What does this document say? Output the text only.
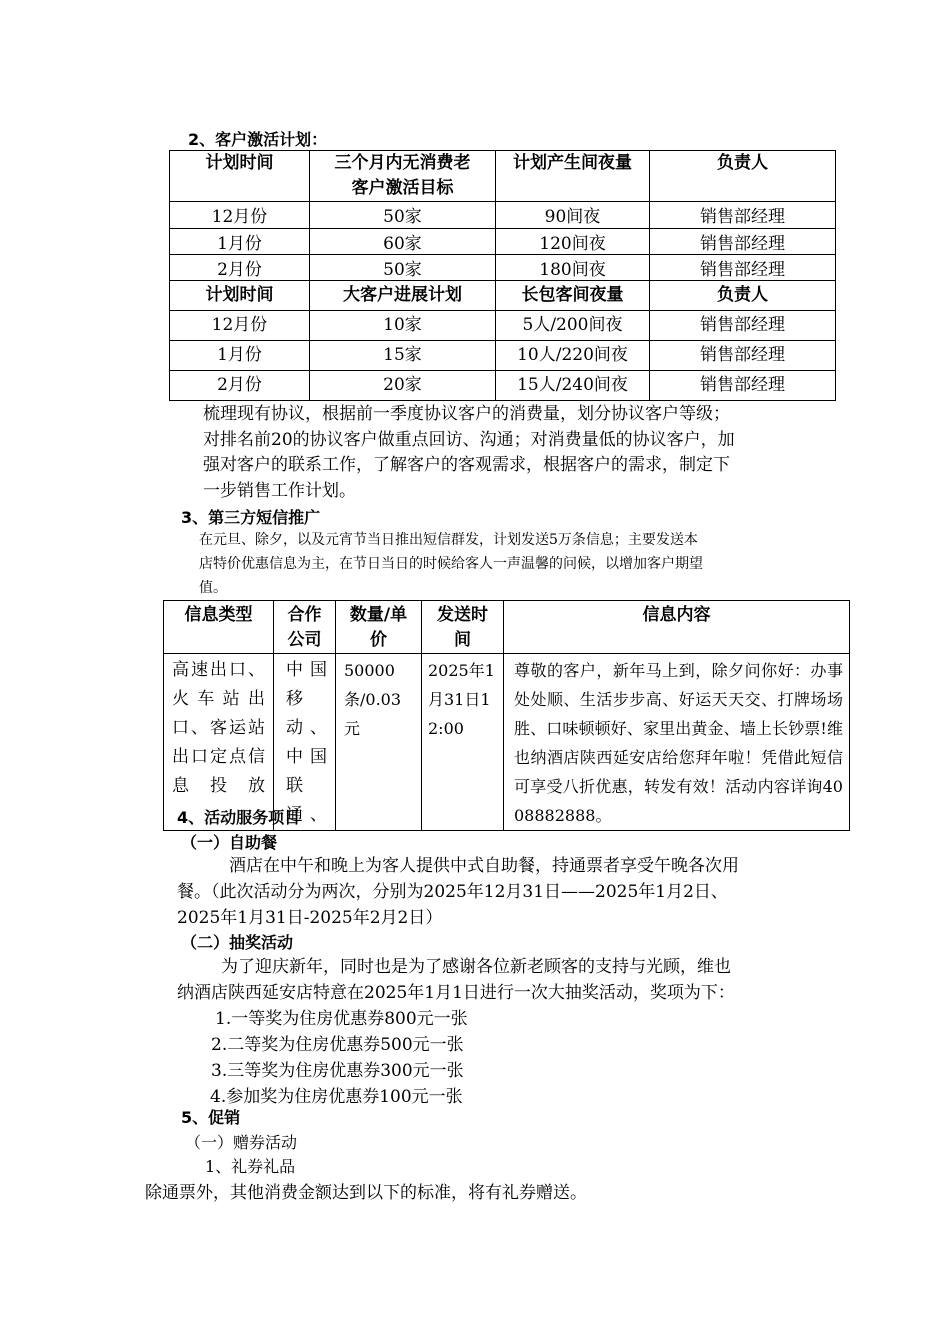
2、客户激活计划：
计划时间	三个月内无消费老客户激活目标	计划产生间夜量	负责人
12月份	50家	90间夜	销售部经理
1月份	60家	120间夜	销售部经理
2月份	50家	180间夜	销售部经理
计划时间	大客户进展计划	长包客间夜量	负责人
12月份	10家	5人/200间夜	销售部经理
1月份	15家	10人/220间夜	销售部经理
2月份	20家	15人/240间夜	销售部经理
梳理现有协议，根据前一季度协议客户的消费量，划分协议客户等级；
对排名前20的协议客户做重点回访、沟通；对消费量低的协议客户，加
强对客户的联系工作，了解客户的客观需求，根据客户的需求，制定下
一步销售工作计划。
3、第三方短信推广
在元旦、除夕，以及元宵节当日推出短信群发，计划发送5万条信息；主要发送本
店特价优惠信息为主，在节日当日的时候给客人一声温馨的问候，以增加客户期望
值。
信息类型	合作公司	数量/单价	发送时间	信息内容
高速出口、火车站出口、客运站出口定点信息投放	中国移动、中国联通、	50000条/0.03元	2025年1月31日12:00	尊敬的客户，新年马上到，除夕问你好：办事处处顺、生活步步高、好运天天交、打牌场场胜、口味顿顿好、家里出黄金、墙上长钞票!维也纳酒店陕西延安店给您拜年啦！凭借此短信可享受八折优惠，转发有效！活动内容详询4008882888。
4、活动服务项目
（一）自助餐
酒店在中午和晚上为客人提供中式自助餐，持通票者享受午晚各次用
餐。（此次活动分为两次，分别为2025年12月31日——2025年1月2日、
2025年1月31日-2025年2月2日）
（二）抽奖活动
为了迎庆新年，同时也是为了感谢各位新老顾客的支持与光顾，维也
纳酒店陕西延安店特意在2025年1月1日进行一次大抽奖活动，奖项为下：
1.一等奖为住房优惠券800元一张
2.二等奖为住房优惠券500元一张
3.三等奖为住房优惠券300元一张
4.参加奖为住房优惠券100元一张
5、促销
（一）赠券活动
1、礼券礼品
除通票外，其他消费金额达到以下的标准，将有礼券赠送。
